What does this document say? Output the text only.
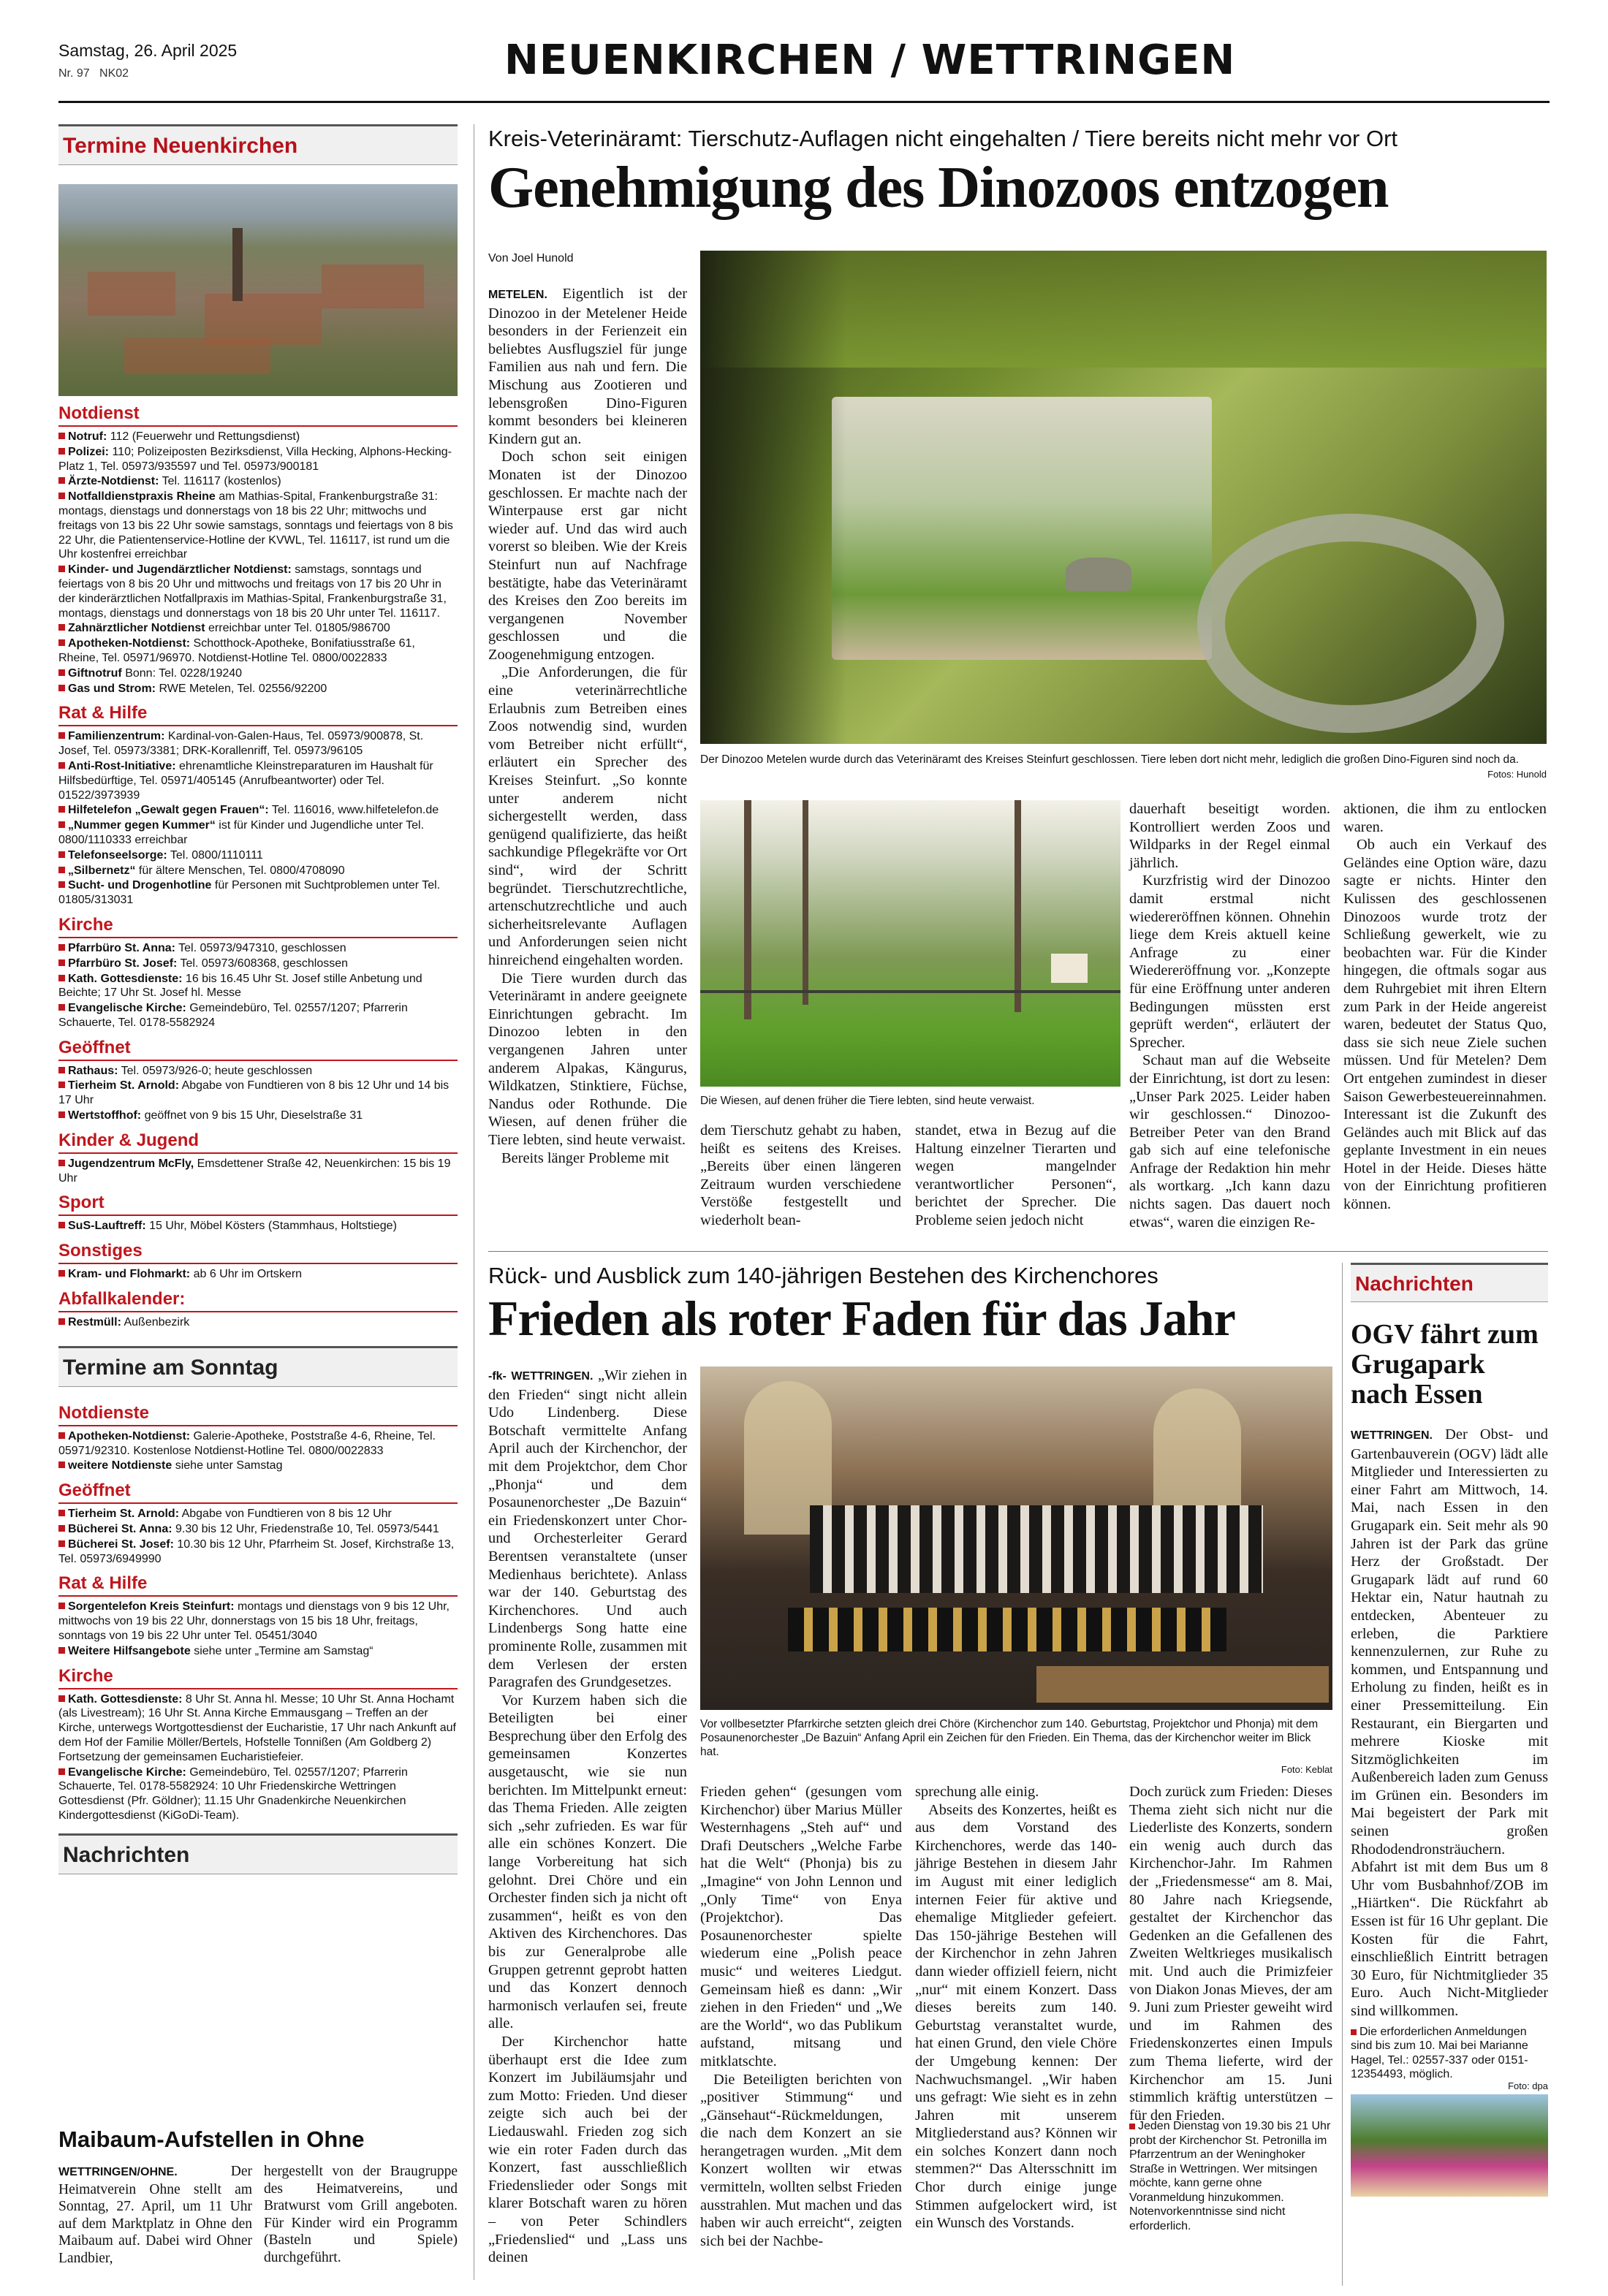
Samstag, 26. April 2025
Nr. 97 NK02	NEUENKIRCHEN / WETTRINGEN
Termine Neuenkirchen
Notdienst

Notruf: 112 (Feuerwehr und Rettungsdienst)

Polizei: 110; Polizeiposten Bezirksdienst, Villa Hecking, Alphons-Hecking-Platz 1, Tel. 05973/935597 und Tel. 05973/900181

Ärzte-Notdienst: Tel. 116117 (kostenlos)

Notfalldienstpraxis Rheine am Mathias-Spital, Frankenburgstraße 31: montags, dienstags und donnerstags von 18 bis 22 Uhr; mittwochs und freitags von 13 bis 22 Uhr sowie samstags, sonntags und feiertags von 8 bis 22 Uhr, die Patientenservice-Hotline der KVWL, Tel. 116117, ist rund um die Uhr kostenfrei erreichbar

Kinder- und Jugendärztlicher Notdienst: samstags, sonntags und feiertags von 8 bis 20 Uhr und mittwochs und freitags von 17 bis 20 Uhr in der kinderärztlichen Notfallpraxis im Mathias-Spital, Frankenburgstraße 31, montags, dienstags und donnerstags von 18 bis 20 Uhr unter Tel. 116117.

Zahnärztlicher Notdienst erreichbar unter Tel. 01805/986700

Apotheken-Notdienst: Schotthock-Apotheke, Bonifatiusstraße 61, Rheine, Tel. 05971/96970. Notdienst-Hotline Tel. 0800/0022833

Giftnotruf Bonn: Tel. 0228/19240

Gas und Strom: RWE Metelen, Tel. 02556/92200

Rat & Hilfe

Familienzentrum: Kardinal-von-Galen-Haus, Tel. 05973/900878, St. Josef, Tel. 05973/3381; DRK-Korallenriff, Tel. 05973/96105

Anti-Rost-Initiative: ehrenamtliche Kleinstreparaturen im Haushalt für Hilfsbedürftige, Tel. 05971/405145 (Anrufbeantworter) oder Tel. 01522/3973939

Hilfetelefon „Gewalt gegen Frauen“: Tel. 116016, www.hilfetelefon.de

„Nummer gegen Kummer“ ist für Kinder und Jugendliche unter Tel. 0800/1110333 erreichbar

Telefonseelsorge: Tel. 0800/1110111

„Silbernetz“ für ältere Menschen, Tel. 0800/4708090

Sucht- und Drogenhotline für Personen mit Suchtproblemen unter Tel. 01805/313031

Kirche

Pfarrbüro St. Anna: Tel. 05973/947310, geschlossen

Pfarrbüro St. Josef: Tel. 05973/608368, geschlossen

Kath. Gottesdienste: 16 bis 16.45 Uhr St. Josef stille Anbetung und Beichte; 17 Uhr St. Josef hl. Messe

Evangelische Kirche: Gemeindebüro, Tel. 02557/1207; Pfarrerin Schauerte, Tel. 0178-5582924

Geöffnet

Rathaus: Tel. 05973/926-0; heute geschlossen

Tierheim St. Arnold: Abgabe von Fundtieren von 8 bis 12 Uhr und 14 bis 17 Uhr

Wertstoffhof: geöffnet von 9 bis 15 Uhr, Dieselstraße 31

Kinder & Jugend

Jugendzentrum McFly, Emsdettener Straße 42, Neuenkirchen: 15 bis 19 Uhr

Sport

SuS-Lauftreff: 15 Uhr, Möbel Kösters (Stammhaus, Holtstiege)

Sonstiges

Kram- und Flohmarkt: ab 6 Uhr im Ortskern

Abfallkalender:

Restmüll: Außenbezirk

Termine am Sonntag
Notdienste

Apotheken-Notdienst: Galerie-Apotheke, Poststraße 4-6, Rheine, Tel. 05971/92310. Kostenlose Notdienst-Hotline Tel. 0800/0022833

weitere Notdienste siehe unter Samstag

Geöffnet

Tierheim St. Arnold: Abgabe von Fundtieren von 8 bis 12 Uhr

Bücherei St. Anna: 9.30 bis 12 Uhr, Friedenstraße 10, Tel. 05973/5441

Bücherei St. Josef: 10.30 bis 12 Uhr, Pfarrheim St. Josef, Kirchstraße 13, Tel. 05973/6949990

Rat & Hilfe

Sorgentelefon Kreis Steinfurt: montags und dienstags von 9 bis 12 Uhr, mittwochs von 19 bis 22 Uhr, donnerstags von 15 bis 18 Uhr, freitags, sonntags von 19 bis 22 Uhr unter Tel. 05451/3040

Weitere Hilfsangebote siehe unter „Termine am Samstag“

Kirche

Kath. Gottesdienste: 8 Uhr St. Anna hl. Messe; 10 Uhr St. Anna Hochamt (als Livestream); 16 Uhr St. Anna Kirche Emmausgang – Treffen an der Kirche, unterwegs Wortgottesdienst der Eucharistie, 17 Uhr nach Ankunft auf dem Hof der Familie Möller/Bertels, Hofstelle Tonnißen (Am Goldberg 2) Fortsetzung der gemeinsamen Eucharistiefeier.

Evangelische Kirche: Gemeindebüro, Tel. 02557/1207; Pfarrerin Schauerte, Tel. 0178-5582924: 10 Uhr Friedenskirche Wettringen Gottesdienst (Pfr. Göldner); 11.15 Uhr Gnadenkirche Neuenkirchen Kindergottesdienst (KiGoDi-Team).

Nachrichten
Maibaum-Aufstellen in Ohne
WETTRINGEN/OHNE. Der Heimatverein Ohne stellt am Sonntag, 27. April, um 11 Uhr auf dem Marktplatz in Ohne den Maibaum auf. Dabei wird Ohner Landbier,
hergestellt von der Braugruppe des Heimatvereins, und Bratwurst vom Grill angeboten. Für Kinder wird ein Programm (Basteln und Spiele) durchgeführt.
Kreis-Veterinäramt: Tierschutz-Auflagen nicht eingehalten / Tiere bereits nicht mehr vor Ort
Genehmigung des Dinozoos entzogen
Von Joel Hunold

METELEN. Eigentlich ist der Dinozoo in der Metelener Heide besonders in der Ferienzeit ein beliebtes Ausflugsziel für junge Familien aus nah und fern. Die Mischung aus Zootieren und lebensgroßen Dino-Figuren kommt besonders bei kleineren Kindern gut an.

Doch schon seit einigen Monaten ist der Dinozoo geschlossen. Er machte nach der Winterpause erst gar nicht wieder auf. Und das wird auch vorerst so bleiben. Wie der Kreis Steinfurt nun auf Nachfrage bestätigte, habe das Veterinäramt des Kreises den Zoo bereits im vergangenen November geschlossen und die Zoogenehmigung entzogen.

„Die Anforderungen, die für eine veterinärrechtliche Erlaubnis zum Betreiben eines Zoos notwendig sind, wurden vom Betreiber nicht erfüllt“, erläutert ein Sprecher des Kreises Steinfurt. „So konnte unter anderem nicht sichergestellt werden, dass genügend qualifizierte, das heißt sachkundige Pflegekräfte vor Ort sind“, wird der Schritt begründet. Tierschutzrechtliche, artenschutzrechtliche und auch sicherheitsrelevante Auflagen und Anforderungen seien nicht hinreichend eingehalten worden.

Die Tiere wurden durch das Veterinäramt in andere geeignete Einrichtungen gebracht. Im Dinozoo lebten in den vergangenen Jahren unter anderem Alpakas, Kängurus, Wildkatzen, Stinktiere, Füchse, Nandus oder Rothunde. Die Wiesen, auf denen früher die Tiere lebten, sind heute verwaist.

Bereits länger Probleme mit

Der Dinozoo Metelen wurde durch das Veterinäramt des Kreises Steinfurt geschlossen. Tiere leben dort nicht mehr, lediglich die großen Dino-Figuren sind noch da.
Fotos: Hunold
Die Wiesen, auf denen früher die Tiere lebten, sind heute verwaist.
dem Tierschutz gehabt zu haben, heißt es seitens des Kreises. „Bereits über einen längeren Zeitraum wurden verschiedene Verstöße festgestellt und wiederholt bean-
standet, etwa in Bezug auf die Haltung einzelner Tierarten und wegen mangelnder verantwortlicher Personen“, berichtet der Sprecher. Die Probleme seien jedoch nicht

dauerhaft beseitigt worden. Kontrolliert werden Zoos und Wildparks in der Regel einmal jährlich.

Kurzfristig wird der Dinozoo damit erstmal nicht wiedereröffnen können. Ohnehin liege dem Kreis aktuell keine Anfrage zu einer Wiedereröffnung vor. „Konzepte für eine Eröffnung unter anderen Bedingungen müssten erst geprüft werden“, erläutert der Sprecher.

Schaut man auf die Webseite der Einrichtung, ist dort zu lesen: „Unser Park 2025. Leider haben wir geschlossen.“ Dinozoo-Betreiber Peter van den Brand gab sich auf eine telefonische Anfrage der Redaktion hin mehr als wortkarg. „Ich kann dazu nichts sagen. Das dauert noch etwas“, waren die einzigen Re-

aktionen, die ihm zu entlocken waren.

Ob auch ein Verkauf des Geländes eine Option wäre, dazu sagte er nichts. Hinter den Kulissen des geschlossenen Dinozoos wurde trotz der Schließung gewerkelt, wie zu beobachten war. Für die Kinder hingegen, die oftmals sogar aus dem Ruhrgebiet mit ihren Eltern zum Park in der Heide angereist waren, bedeutet der Status Quo, dass sie sich neue Ziele suchen müssen. Und für Metelen? Dem Ort entgehen zumindest in dieser Saison Gewerbesteuereinnahmen. Interessant ist die Zukunft des Geländes auch mit Blick auf das geplante Investment in ein neues Hotel in der Heide. Dieses hätte von der Einrichtung profitieren können.

Rück- und Ausblick zum 140-jährigen Bestehen des Kirchenchores
Frieden als roter Faden für das Jahr

-fk- WETTRINGEN. „Wir ziehen in den Frieden“ singt nicht allein Udo Lindenberg. Diese Botschaft vermittelte Anfang April auch der Kirchenchor, der mit dem Projektchor, dem Chor „Phonja“ und dem Posaunenorchester „De Bazuin“ ein Friedenskonzert unter Chor- und Orchesterleiter Gerard Berentsen veranstaltete (unser Medienhaus berichtete). Anlass war der 140. Geburtstag des Kirchenchores. Und auch Lindenbergs Song hatte eine prominente Rolle, zusammen mit dem Verlesen der ersten Paragrafen des Grundgesetzes.

Vor Kurzem haben sich die Beteiligten bei einer Besprechung über den Erfolg des gemeinsamen Konzertes ausgetauscht, wie sie nun berichten. Im Mittelpunkt erneut: das Thema Frieden. Alle zeigten sich „sehr zufrieden. Es war für alle ein schönes Konzert. Die lange Vorbereitung hat sich gelohnt. Drei Chöre und ein Orchester finden sich ja nicht oft zusammen“, heißt es von den Aktiven des Kirchenchores. Das bis zur Generalprobe alle Gruppen getrennt geprobt hatten und das Konzert dennoch harmonisch verlaufen sei, freute alle.

Der Kirchenchor hatte überhaupt erst die Idee zum Konzert im Jubiläumsjahr und zum Motto: Frieden. Und dieser zeigte sich auch bei der Liedauswahl. Frieden zog sich wie ein roter Faden durch das Konzert, fast ausschließlich Friedenslieder oder Songs mit klarer Botschaft waren zu hören – von Peter Schindlers „Friedenslied“ und „Lass uns deinen

Vor vollbesetzter Pfarrkirche setzten gleich drei Chöre (Kirchenchor zum 140. Geburtstag, Projektchor und Phonja) mit dem Posaunenorchester „De Bazuin“ Anfang April ein Zeichen für den Frieden. Ein Thema, das der Kirchenchor weiter im Blick hat.
Foto: Keblat

Frieden gehen“ (gesungen vom Kirchenchor) über Marius Müller Westernhagens „Steh auf“ und Drafi Deutschers „Welche Farbe hat die Welt“ (Phonja) bis zu „Imagine“ von John Lennon und „Only Time“ von Enya (Projektchor). Das Posaunenorchester spielte wiederum eine „Polish peace music“ und weiteres Liedgut. Gemeinsam hieß es dann: „Wir ziehen in den Frieden“ und „We are the World“, wo das Publikum aufstand, mitsang und mitklatschte.

Die Beteiligten berichten von „positiver Stimmung“ und „Gänsehaut“-Rückmeldungen, die nach dem Konzert an sie herangetragen wurden. „Mit dem Konzert wollten wir etwas vermitteln, wollten selbst Frieden ausstrahlen. Mut machen und das haben wir auch erreicht“, zeigten sich bei der Nachbe-

sprechung alle einig.

Abseits des Konzertes, heißt es aus dem Vorstand des Kirchenchores, werde das 140-jährige Bestehen in diesem Jahr im August mit einer lediglich internen Feier für aktive und ehemalige Mitglieder gefeiert. Das 150-jährige Bestehen will der Kirchenchor in zehn Jahren dann wieder offiziell feiern, nicht „nur“ mit einem Konzert. Dass dieses bereits zum 140. Geburtstag veranstaltet wurde, hat einen Grund, den viele Chöre der Umgebung kennen: Der Nachwuchsmangel. „Wir haben uns gefragt: Wie sieht es in zehn Jahren mit unserem Mitgliederstand aus? Können wir ein solches Konzert dann noch stemmen?“ Das Altersschnitt im Chor durch einige junge Stimmen aufgelockert wird, ist ein Wunsch des Vorstands.

Doch zurück zum Frieden: Dieses Thema zieht sich nicht nur die Liederliste des Konzerts, sondern ein wenig auch durch das Kirchenchor-Jahr. Im Rahmen der „Friedensmesse“ am 8. Mai, 80 Jahre nach Kriegsende, gestaltet der Kirchenchor das Gedenken an die Gefallenen des Zweiten Weltkrieges musikalisch mit. Und auch die Primizfeier von Diakon Jonas Mieves, der am 9. Juni zum Priester geweiht wird und im Rahmen des Friedenskonzertes einen Impuls zum Thema lieferte, wird der Kirchenchor am 15. Juni stimmlich kräftig unterstützen – für den Frieden.

Jeden Dienstag von 19.30 bis 21 Uhr probt der Kirchenchor St. Petronilla im Pfarrzentrum an der Weninghoker Straße in Wettringen. Wer mitsingen möchte, kann gerne ohne Voranmeldung hinzukommen. Notenvorkenntnisse sind nicht erforderlich.
Nachrichten
OGV fährt zum Grugapark nach Essen
WETTRINGEN. Der Obst- und Gartenbauverein (OGV) lädt alle Mitglieder und Interessierten zu einer Fahrt am Mittwoch, 14. Mai, nach Essen in den Grugapark ein. Seit mehr als 90 Jahren ist der Park das grüne Herz der Großstadt. Der Grugapark lädt auf rund 60 Hektar ein, Natur hautnah zu entdecken, Abenteuer zu erleben, die Parktiere kennenzulernen, zur Ruhe zu kommen, und Entspannung und Erholung zu finden, heißt es in einer Pressemitteilung. Ein Restaurant, ein Biergarten und mehrere Kioske mit Sitzmöglichkeiten im Außenbereich laden zum Genuss im Grünen ein. Besonders im Mai begeistert der Park mit seinen großen Rhododendronsträuchern. Abfahrt ist mit dem Bus um 8 Uhr vom Busbahnhof/ZOB im „Hiärtken“. Die Rückfahrt ab Essen ist für 16 Uhr geplant. Die Kosten für die Fahrt, einschließlich Eintritt betragen 30 Euro, für Nichtmitglieder 35 Euro. Auch Nicht-Mitglieder sind willkommen.
Die erforderlichen Anmeldungen sind bis zum 10. Mai bei Marianne Hagel, Tel.: 02557-337 oder 0151-12354493, möglich.
Foto: dpa
